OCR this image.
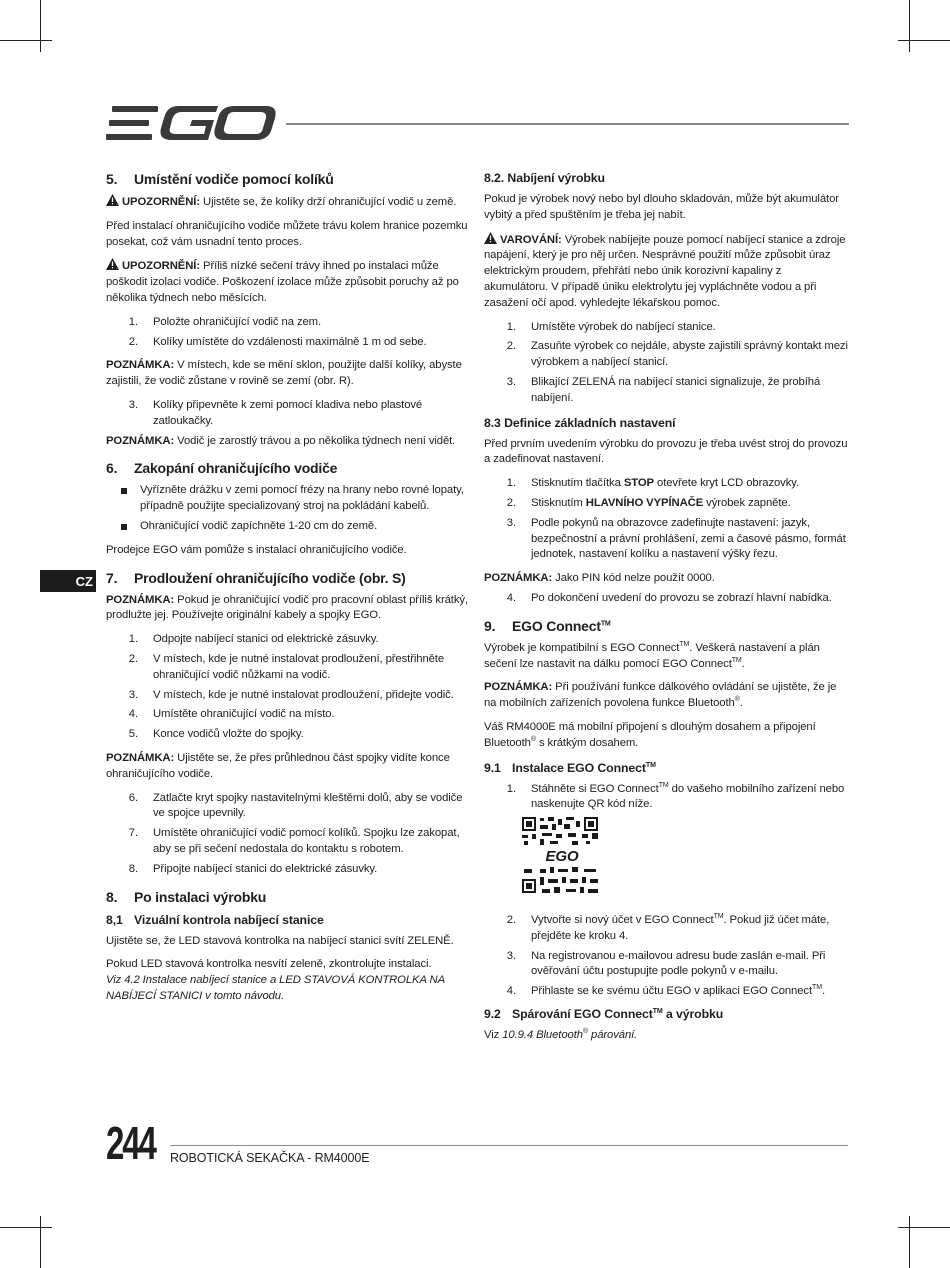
CZ
5.	Umístění vodiče pomocí kolíků

UPOZORNĚNÍ: Ujistěte se, že kolíky drží ohraničující vodič u země.

Před instalací ohraničujícího vodiče můžete trávu kolem hranice pozemku posekat, což vám usnadní tento proces.

UPOZORNĚNÍ: Příliš nízké sečení trávy ihned po instalaci může poškodit izolaci vodiče. Poškození izolace může způsobit poruchy až po několika týdnech nebo měsících.

1.	Položte ohraničující vodič na zem.
2.	Kolíky umístěte do vzdálenosti maximálně 1 m od sebe.

POZNÁMKA: V místech, kde se mění sklon, použijte další kolíky, abyste zajistili, že vodič zůstane v rovině se zemí (obr. R).

3.	Kolíky připevněte k zemi pomocí kladiva nebo plastové zatloukačky.

POZNÁMKA: Vodič je zarostlý trávou a po několika týdnech není vidět.

6.	Zakopání ohraničujícího vodiče
Vyřízněte drážku v zemi pomocí frézy na hrany nebo rovné lopaty, případně použijte specializovaný stroj na pokládání kabelů.
Ohraničující vodič zapíchněte 1-20 cm do země.

Prodejce EGO vám pomůže s instalací ohraničujícího vodiče.

7.	Prodloužení ohraničujícího vodiče (obr. S)

POZNÁMKA: Pokud je ohraničující vodič pro pracovní oblast příliš krátký, prodlužte jej. Používejte originální kabely a spojky EGO.

1.	Odpojte nabíjecí stanici od elektrické zásuvky.
2.	V místech, kde je nutné instalovat prodloužení, přestřihněte ohraničující vodič nůžkami na vodič.
3.	V místech, kde je nutné instalovat prodloužení, přidejte vodič.
4.	Umístěte ohraničující vodič na místo.
5.	Konce vodičů vložte do spojky.

POZNÁMKA: Ujistěte se, že přes průhlednou část spojky vidíte konce ohraničujícího vodiče.

6.	Zatlačte kryt spojky nastavitelnými kleštěmi dolů, aby se vodiče ve spojce upevnily.
7.	Umístěte ohraničující vodič pomocí kolíků. Spojku lze zakopat, aby se při sečení nedostala do kontaktu s robotem.
8.	Připojte nabíjecí stanici do elektrické zásuvky.
8.	Po instalaci výrobku
8,1 Vizuální kontrola nabíjecí stanice

Ujistěte se, že LED stavová kontrolka na nabíjecí stanici svítí ZELENĚ.

Pokud LED stavová kontrolka nesvítí zeleně, zkontrolujte instalaci.
Viz 4.2 Instalace nabíjecí stanice a LED STAVOVÁ KONTROLKA NA NABÍJECÍ STANICI v tomto návodu.

8.2. Nabíjení výrobku

Pokud je výrobek nový nebo byl dlouho skladován, může být akumulátor vybitý a před spuštěním je třeba jej nabít.

VAROVÁNÍ: Výrobek nabíjejte pouze pomocí nabíjecí stanice a zdroje napájení, který je pro něj určen. Nesprávné použití může způsobit úraz elektrickým proudem, přehřátí nebo únik korozivní kapaliny z akumulátoru. V případě úniku elektrolytu jej vypláchněte vodou a při zasažení očí apod. vyhledejte lékařskou pomoc.

1.	Umístěte výrobek do nabíjecí stanice.
2.	Zasuňte výrobek co nejdále, abyste zajistili správný kontakt mezi výrobkem a nabíjecí stanicí.
3.	Blikající ZELENÁ na nabíjecí stanici signalizuje, že probíhá nabíjení.
8.3 Definice základních nastavení

Před prvním uvedením výrobku do provozu je třeba uvést stroj do provozu a zadefinovat nastavení.

1.	Stisknutím tlačítka STOP otevřete kryt LCD obrazovky.
2.	Stisknutím HLAVNÍHO VYPÍNAČE výrobek zapněte.
3.	Podle pokynů na obrazovce zadefinujte nastavení: jazyk, bezpečnostní a právní prohlášení, zemi a časové pásmo, formát jednotek, nastavení kolíku a nastavení výšky řezu.

POZNÁMKA: Jako PIN kód nelze použít 0000.

4.	Po dokončení uvedení do provozu se zobrazí hlavní nabídka.
9.	EGO Connect™

Výrobek je kompatibilní s EGO Connect™. Veškerá nastavení a plán sečení lze nastavit na dálku pomocí EGO Connect™.

POZNÁMKA: Při používání funkce dálkového ovládání se ujistěte, že je na mobilních zařízeních povolena funkce Bluetooth®.

Váš RM4000E má mobilní připojení s dlouhým dosahem a připojení Bluetooth® s krátkým dosahem.

9.1 Instalace EGO Connect™
1.	Stáhněte si EGO Connect™ do vašeho mobilního zařízení nebo naskenujte QR kód níže.
EGO
2.	Vytvořte si nový účet v EGO Connect™. Pokud již účet máte, přejděte ke kroku 4.
3.	Na registrovanou e-mailovou adresu bude zaslán e-mail. Při ověřování účtu postupujte podle pokynů v e-mailu.
4.	Přihlaste se ke svému účtu EGO v aplikaci EGO Connect™.
9.2 Spárování EGO Connect™ a výrobku

Viz 10.9.4 Bluetooth® párování.

244 ROBOTICKÁ SEKAČKA - RM4000E
